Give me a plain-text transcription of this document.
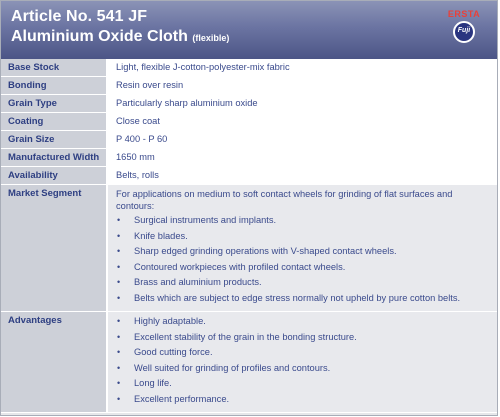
Article No. 541 JF
Aluminium Oxide Cloth (flexible)
ERSTA
Fuji
Base Stock	Light, flexible J-cotton-polyester-mix fabric
Bonding	Resin over resin
Grain Type	Particularly sharp aluminium oxide
Coating	Close coat
Grain Size	P 400 - P 60
Manufactured Width	1650 mm
Availability	Belts, rolls
Market Segment	For applications on medium to soft contact wheels for grinding of flat surfaces and contours:
• Surgical instruments and implants.
• Knife blades.
• Sharp edged grinding operations with V-shaped contact wheels.
• Contoured workpieces with profiled contact wheels.
• Brass and aluminium products.
• Belts which are subject to edge stress normally not upheld by pure cotton belts.
Advantages	• Highly adaptable.
• Excellent stability of the grain in the bonding structure.
• Good cutting force.
• Well suited for grinding of profiles and contours.
• Long life.
• Excellent performance.
